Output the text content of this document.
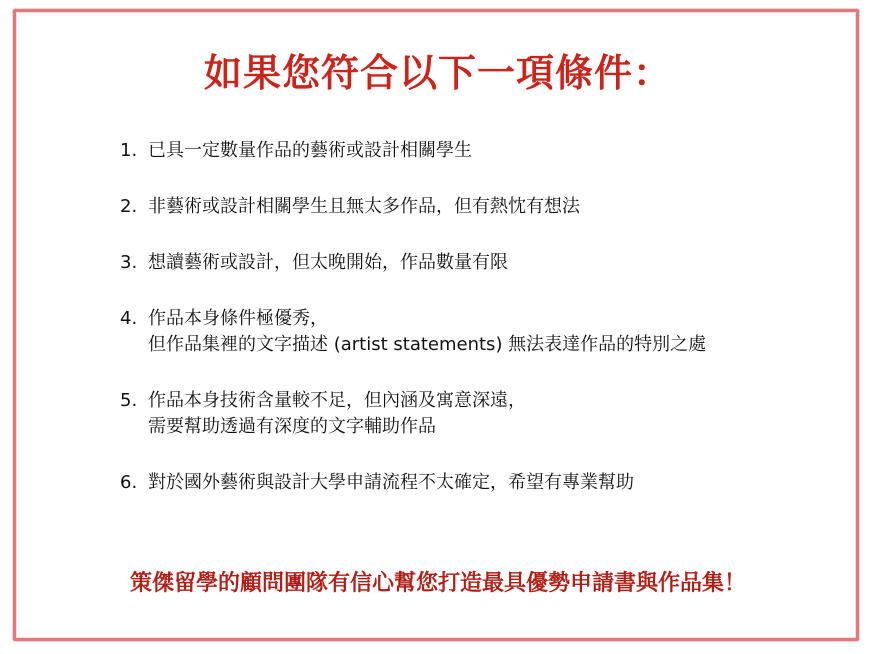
如果您符合以下一項條件：
1. 已具一定數量作品的藝術或設計相關學生
2. 非藝術或設計相關學生且無太多作品，但有熱忱有想法
3. 想讀藝術或設計，但太晚開始，作品數量有限
4. 作品本身條件極優秀，
但作品集裡的文字描述 (artist statements) 無法表達作品的特別之處
5. 作品本身技術含量較不足，但內涵及寓意深遠，
需要幫助透過有深度的文字輔助作品
6. 對於國外藝術與設計大學申請流程不太確定，希望有專業幫助
策傑留學的顧問團隊有信心幫您打造最具優勢申請書與作品集！
